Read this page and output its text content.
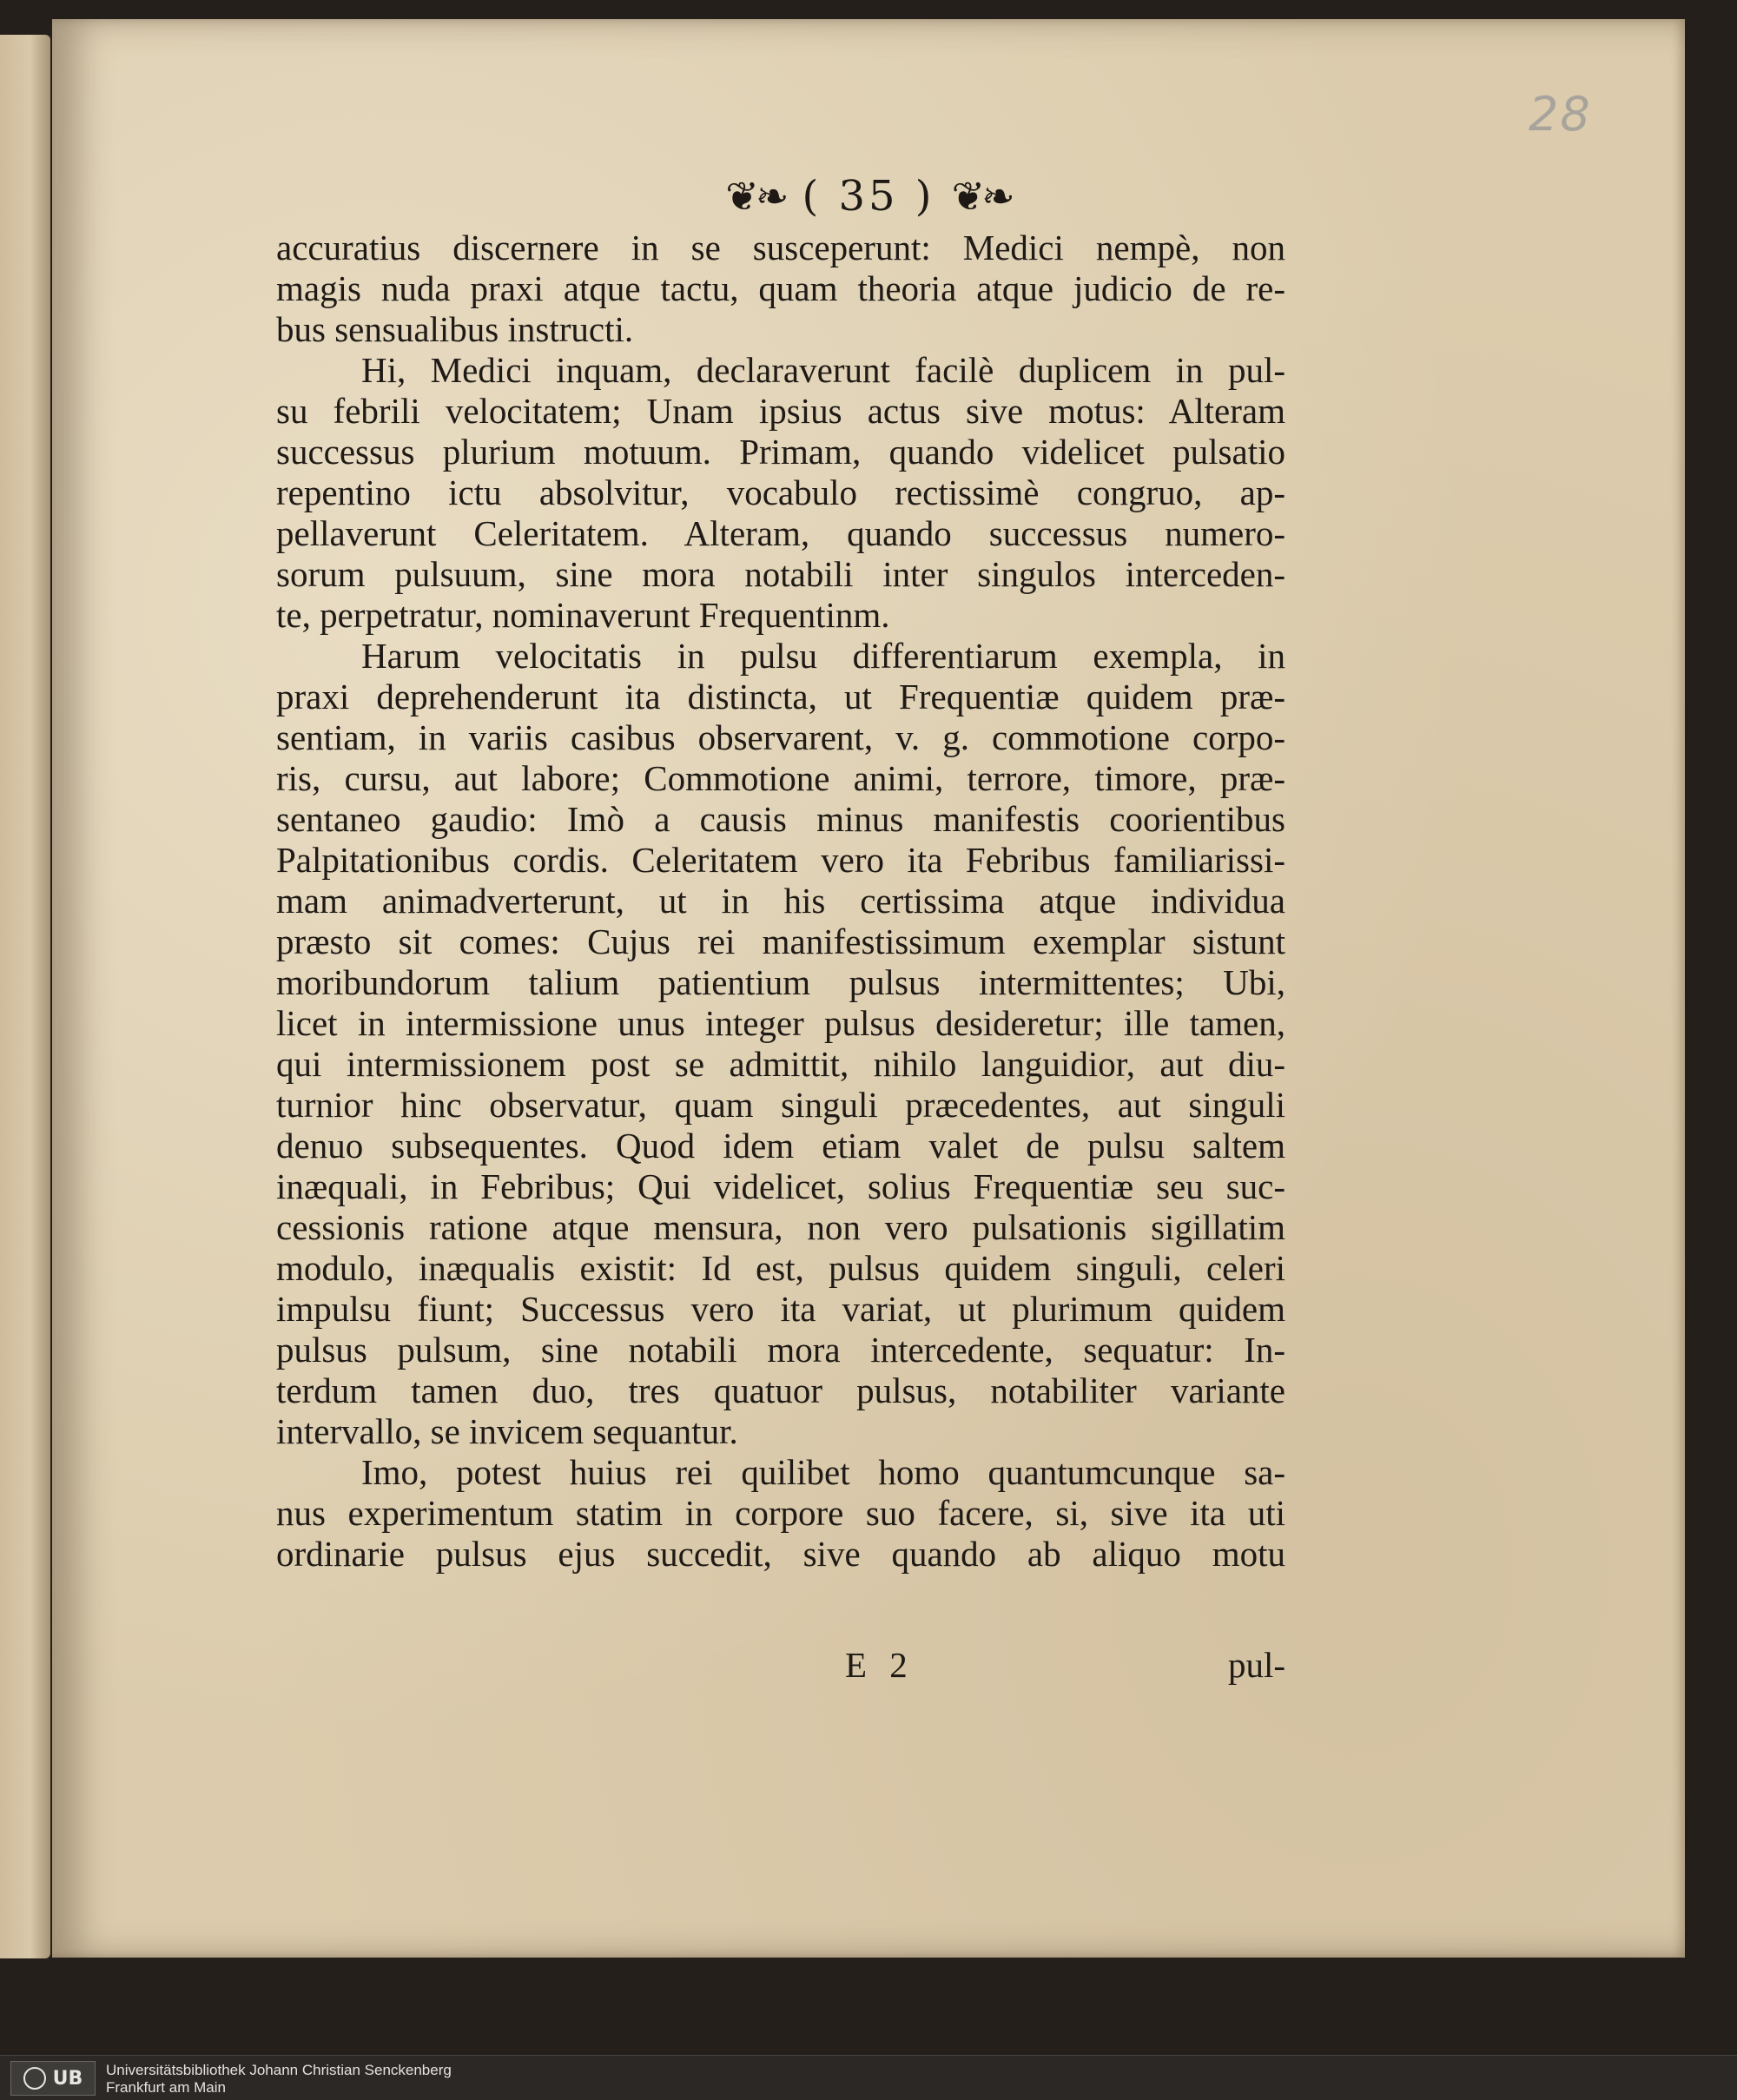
28
❦❧ ( 35 ) ❦❧
accuratius discernere in se susceperunt: Medici nempè, non
magis nuda praxi atque tactu, quam theoria atque judicio de re-
bus sensualibus instructi.
Hi, Medici inquam, declaraverunt facilè duplicem in pul-
su febrili velocitatem; Unam ipsius actus sive motus: Alteram
successus plurium motuum. Primam, quando videlicet pulsatio
repentino ictu absolvitur, vocabulo rectissimè congruo, ap-
pellaverunt Celeritatem. Alteram, quando successus numero-
sorum pulsuum, sine mora notabili inter singulos interceden-
te, perpetratur, nominaverunt Frequentinm.
Harum velocitatis in pulsu differentiarum exempla, in
praxi deprehenderunt ita distincta, ut Frequentiæ quidem præ-
sentiam, in variis casibus observarent, v. g. commotione corpo-
ris, cursu, aut labore; Commotione animi, terrore, timore, præ-
sentaneo gaudio: Imò a causis minus manifestis coorientibus
Palpitationibus cordis. Celeritatem vero ita Febribus familiarissi-
mam animadverterunt, ut in his certissima atque individua
præsto sit comes: Cujus rei manifestissimum exemplar sistunt
moribundorum talium patientium pulsus intermittentes; Ubi,
licet in intermissione unus integer pulsus desideretur; ille tamen,
qui intermissionem post se admittit, nihilo languidior, aut diu-
turnior hinc observatur, quam singuli præcedentes, aut singuli
denuo subsequentes. Quod idem etiam valet de pulsu saltem
inæquali, in Febribus; Qui videlicet, solius Frequentiæ seu suc-
cessionis ratione atque mensura, non vero pulsationis sigillatim
modulo, inæqualis existit: Id est, pulsus quidem singuli, celeri
impulsu fiunt; Successus vero ita variat, ut plurimum quidem
pulsus pulsum, sine notabili mora intercedente, sequatur: In-
terdum tamen duo, tres quatuor pulsus, notabiliter variante
intervallo, se invicem sequantur.
Imo, potest huius rei quilibet homo quantumcunque sa-
nus experimentum statim in corpore suo facere, si, sive ita uti
ordinarie pulsus ejus succedit, sive quando ab aliquo motu
E 2	pul-
UB Universitätsbibliothek Johann Christian Senckenberg
Frankfurt am Main
